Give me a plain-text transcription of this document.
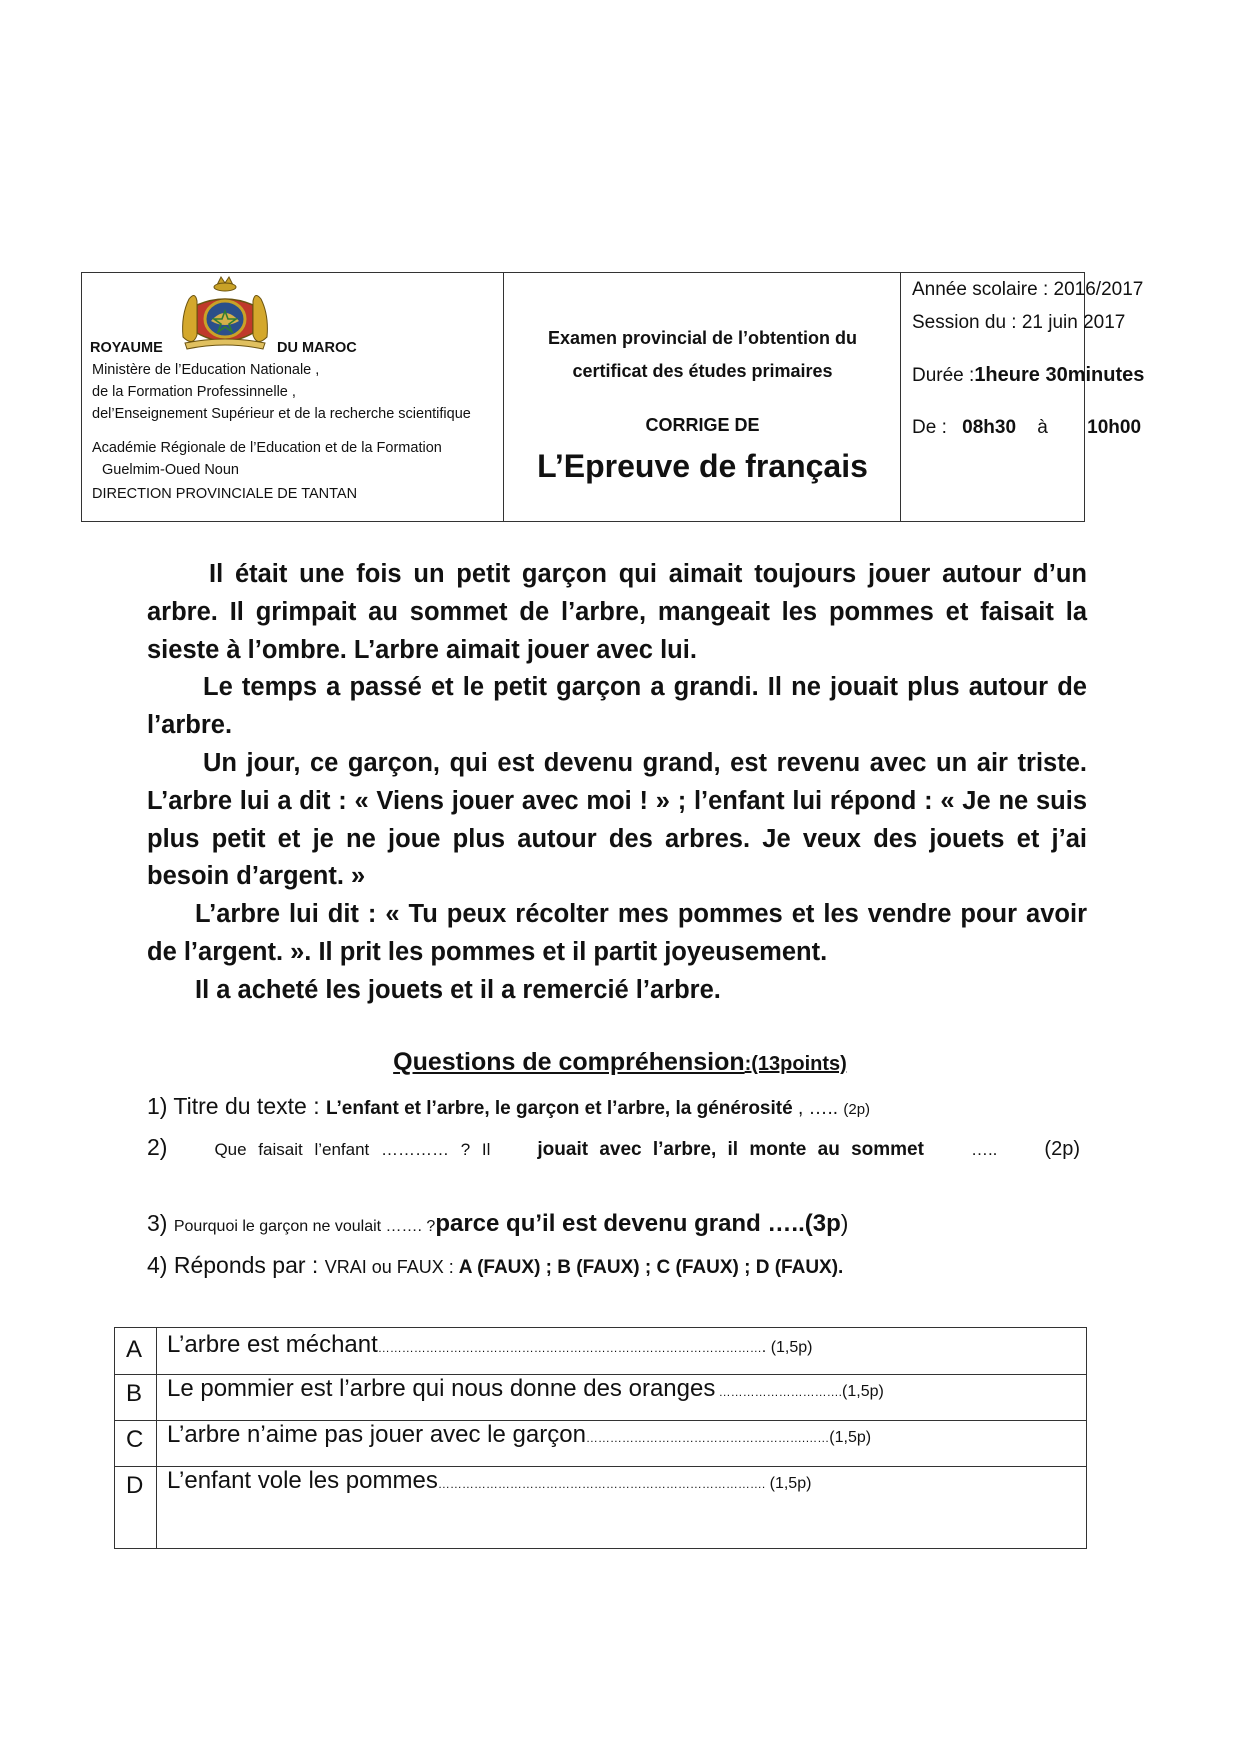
ROYAUME	DU MAROC
Ministère de l’Education Nationale ,
de la Formation Professinnelle ,
del’Enseignement Supérieur et de la recherche scientifique
Académie Régionale de l’Education et de la Formation
Guelmim-Oued Noun
DIRECTION PROVINCIALE DE TANTAN
Examen provincial de l’obtention du
certificat des études primaires
CORRIGE DE
L’Epreuve de français
Année scolaire : 2016/2017
Session du : 21 juin 2017
Durée :1heure 30minutes
De : 08h30 à 10h00

Il était une fois un petit garçon qui aimait toujours jouer autour d’un arbre. Il grimpait au sommet de l’arbre, mangeait les pommes et faisait la sieste à l’ombre. L’arbre aimait jouer avec lui.

Le temps a passé et le petit garçon a grandi. Il ne jouait plus autour de l’arbre.

Un jour, ce garçon, qui est devenu grand, est revenu avec un air triste. L’arbre lui a dit : « Viens jouer avec moi ! » ; l’enfant lui répond : « Je ne suis plus petit et je ne joue plus autour des arbres. Je veux des jouets et j’ai besoin d’argent. »

L’arbre lui dit : « Tu peux récolter mes pommes et les vendre pour avoir de l’argent. ». Il prit les pommes et il partit joyeusement.

Il a acheté les jouets et il a remercié l’arbre.

Questions de compréhension:(13points)
1) Titre du texte : L’enfant et l’arbre, le garçon et l’arbre, la générosité , ….. (2p)
2)	Que faisait l’enfant ………… ? Il jouait avec l’arbre, il monte au sommet	….. (2p)
3) Pourquoi le garçon ne voulait ……. ?parce qu’il est devenu grand …..(3p)
4) Réponds par : VRAI ou FAUX : A (FAUX) ; B (FAUX) ; C (FAUX) ; D (FAUX).
A L’arbre est méchant……………………………………………………………………………………. (1,5p)
B Le pommier est l’arbre qui nous donne des oranges ………………………….(1,5p)
C L’arbre n’aime pas jouer avec le garçon……………………………………………….……(1,5p)
D L’enfant vole les pommes………………………………………………………………………. (1,5p)
